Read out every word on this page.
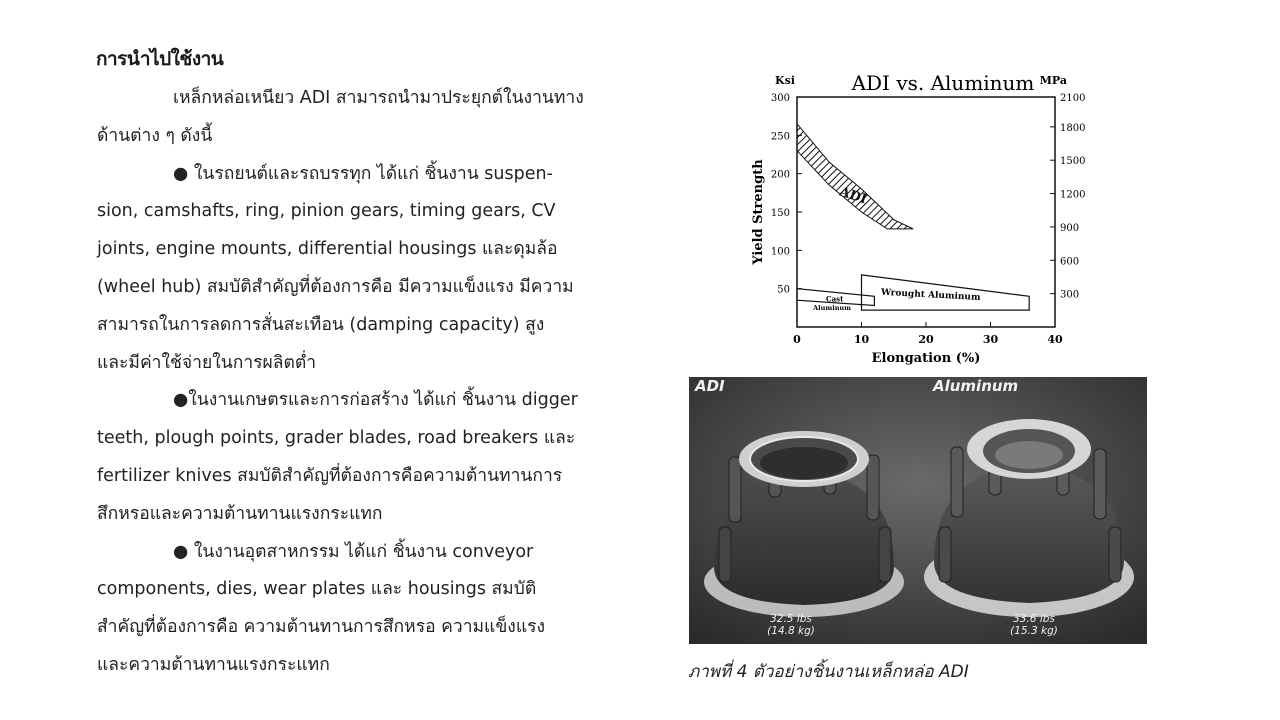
การนำไปใช้งาน
เหล็กหล่อเหนียว ADI สามารถนำมาประยุกต์ในงานทาง
ด้านต่าง ๆ ดังนี้
● ในรถยนต์และรถบรรทุก ได้แก่ ชิ้นงาน suspen-
sion, camshafts, ring, pinion gears, timing gears, CV
joints, engine mounts, differential housings และดุมล้อ
(wheel hub) สมบัติสำคัญที่ต้องการคือ มีความแข็งแรง มีความ
สามารถในการลดการสั่นสะเทือน (damping capacity) สูง
และมีค่าใช้จ่ายในการผลิตต่ำ
●ในงานเกษตรและการก่อสร้าง ได้แก่ ชิ้นงาน digger
teeth, plough points, grader blades, road breakers และ
fertilizer knives สมบัติสำคัญที่ต้องการคือความต้านทานการ
สึกหรอและความต้านทานแรงกระแทก
● ในงานอุตสาหกรรม ได้แก่ ชิ้นงาน conveyor
components, dies, wear plates และ housings สมบัติ
สำคัญที่ต้องการคือ ความต้านทานการสึกหรอ ความแข็งแรง
และความต้านทานแรงกระแทก
ADI vs. Aluminum
Ksi	MPa
Elongation (%)
Yield Strength
0	10	20	30	40
50
100
150
200
250
300
300
600
900
1200
1500
1800
2100
ADI
Cast
Aluminum
Wrought Aluminum
ADI	Aluminum
32.5 lbs
(14.8 kg)
33.6 lbs
(15.3 kg)
ภาพที่ 4 ตัวอย่างชิ้นงานเหล็กหล่อ ADI
